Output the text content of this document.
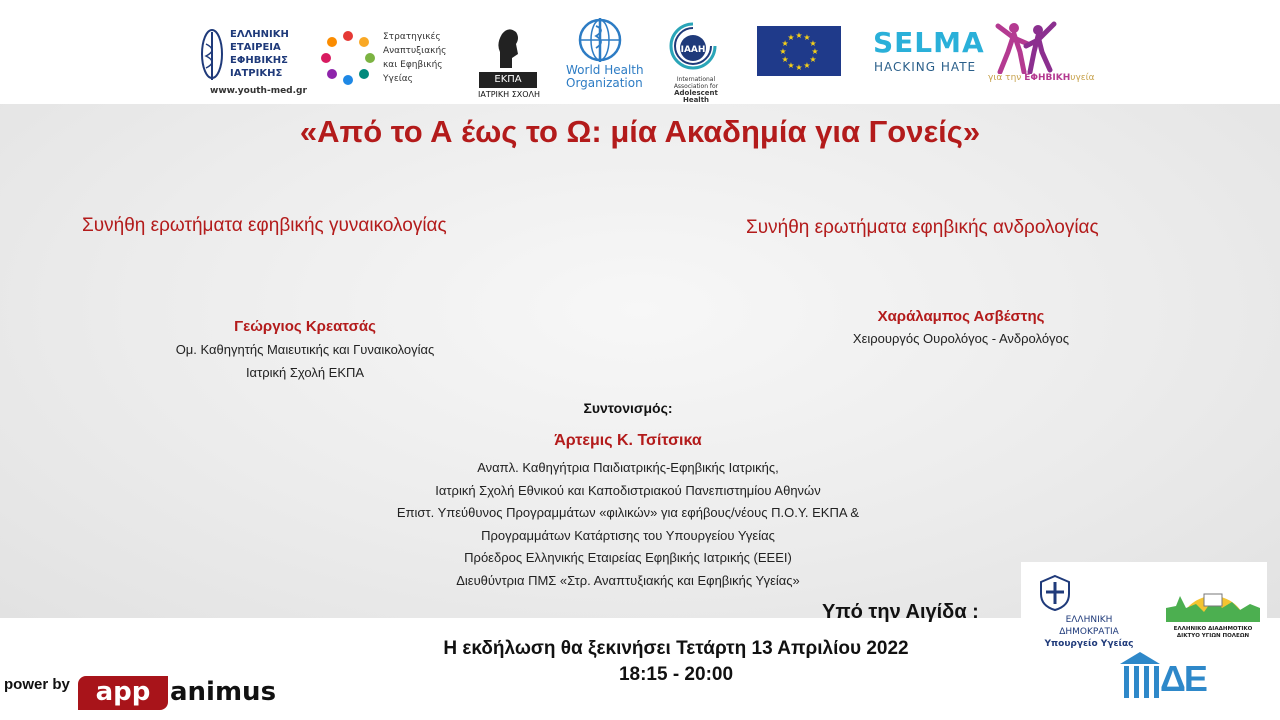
ΕΛΛΗΝΙΚΗ
ΕΤΑΙΡΕΙΑ
ΕΦΗΒΙΚΗΣ
ΙΑΤΡΙΚΗΣ
www.youth-med.gr
Στρατηγικές
Αναπτυξιακής
και Εφηβικής
Υγείας	ΕΚΠΑ
ΙΑΤΡΙΚΗ ΣΧΟΛΗ
World Health
Organization
IAAH
International Association for
Adolescent Health
★
★
★
★
★
★
★
★
★ ★ ★
★ SELMA
HACKING HATE
για την ΕΦΗΒΙΚΗυγεία
«Από το Α έως το Ω: μία Ακαδημία για Γονείς»
Συνήθη ερωτήματα εφηβικής γυναικολογίας
Γεώργιος Κρεατσάς
Ομ. Καθηγητής Μαιευτικής και Γυναικολογίας
Ιατρική Σχολή ΕΚΠΑ
Συνήθη ερωτήματα εφηβικής ανδρολογίας
Χαράλαμπος Ασβέστης
Χειρουργός Ουρολόγος - Ανδρολόγος
Συντονισμός:
Άρτεμις Κ. Τσίτσικα
Αναπλ. Καθηγήτρια Παιδιατρικής-Εφηβικής Ιατρικής,
Ιατρική Σχολή Εθνικού και Καποδιστριακού Πανεπιστημίου Αθηνών
Επιστ. Υπεύθυνος Προγραμμάτων «φιλικών» για εφήβους/νέους Π.Ο.Υ. ΕΚΠΑ &
Προγραμμάτων Κατάρτισης του Υπουργείου Υγείας
Πρόεδρος Ελληνικής Εταιρείας Εφηβικής Ιατρικής (ΕΕΕΙ)
Διευθύντρια ΠΜΣ «Στρ. Αναπτυξιακής και Εφηβικής Υγείας»
Υπό την Αιγίδα :	ΕΛΛΗΝΙΚΗ ΔΗΜΟΚΡΑΤΙΑ
Υπουργείο Υγείας
ΕΛΛΗΝΙΚΟ ΔΙΑΔΗΜΟΤΙΚΟ ΔΙΚΤΥΟ ΥΓΙΩΝ ΠΟΛΕΩΝ
ΔΕ
Η εκδήλωση θα ξεκινήσει Τετάρτη 13 Απριλίου 2022
18:15 - 20:00
power by app animus
